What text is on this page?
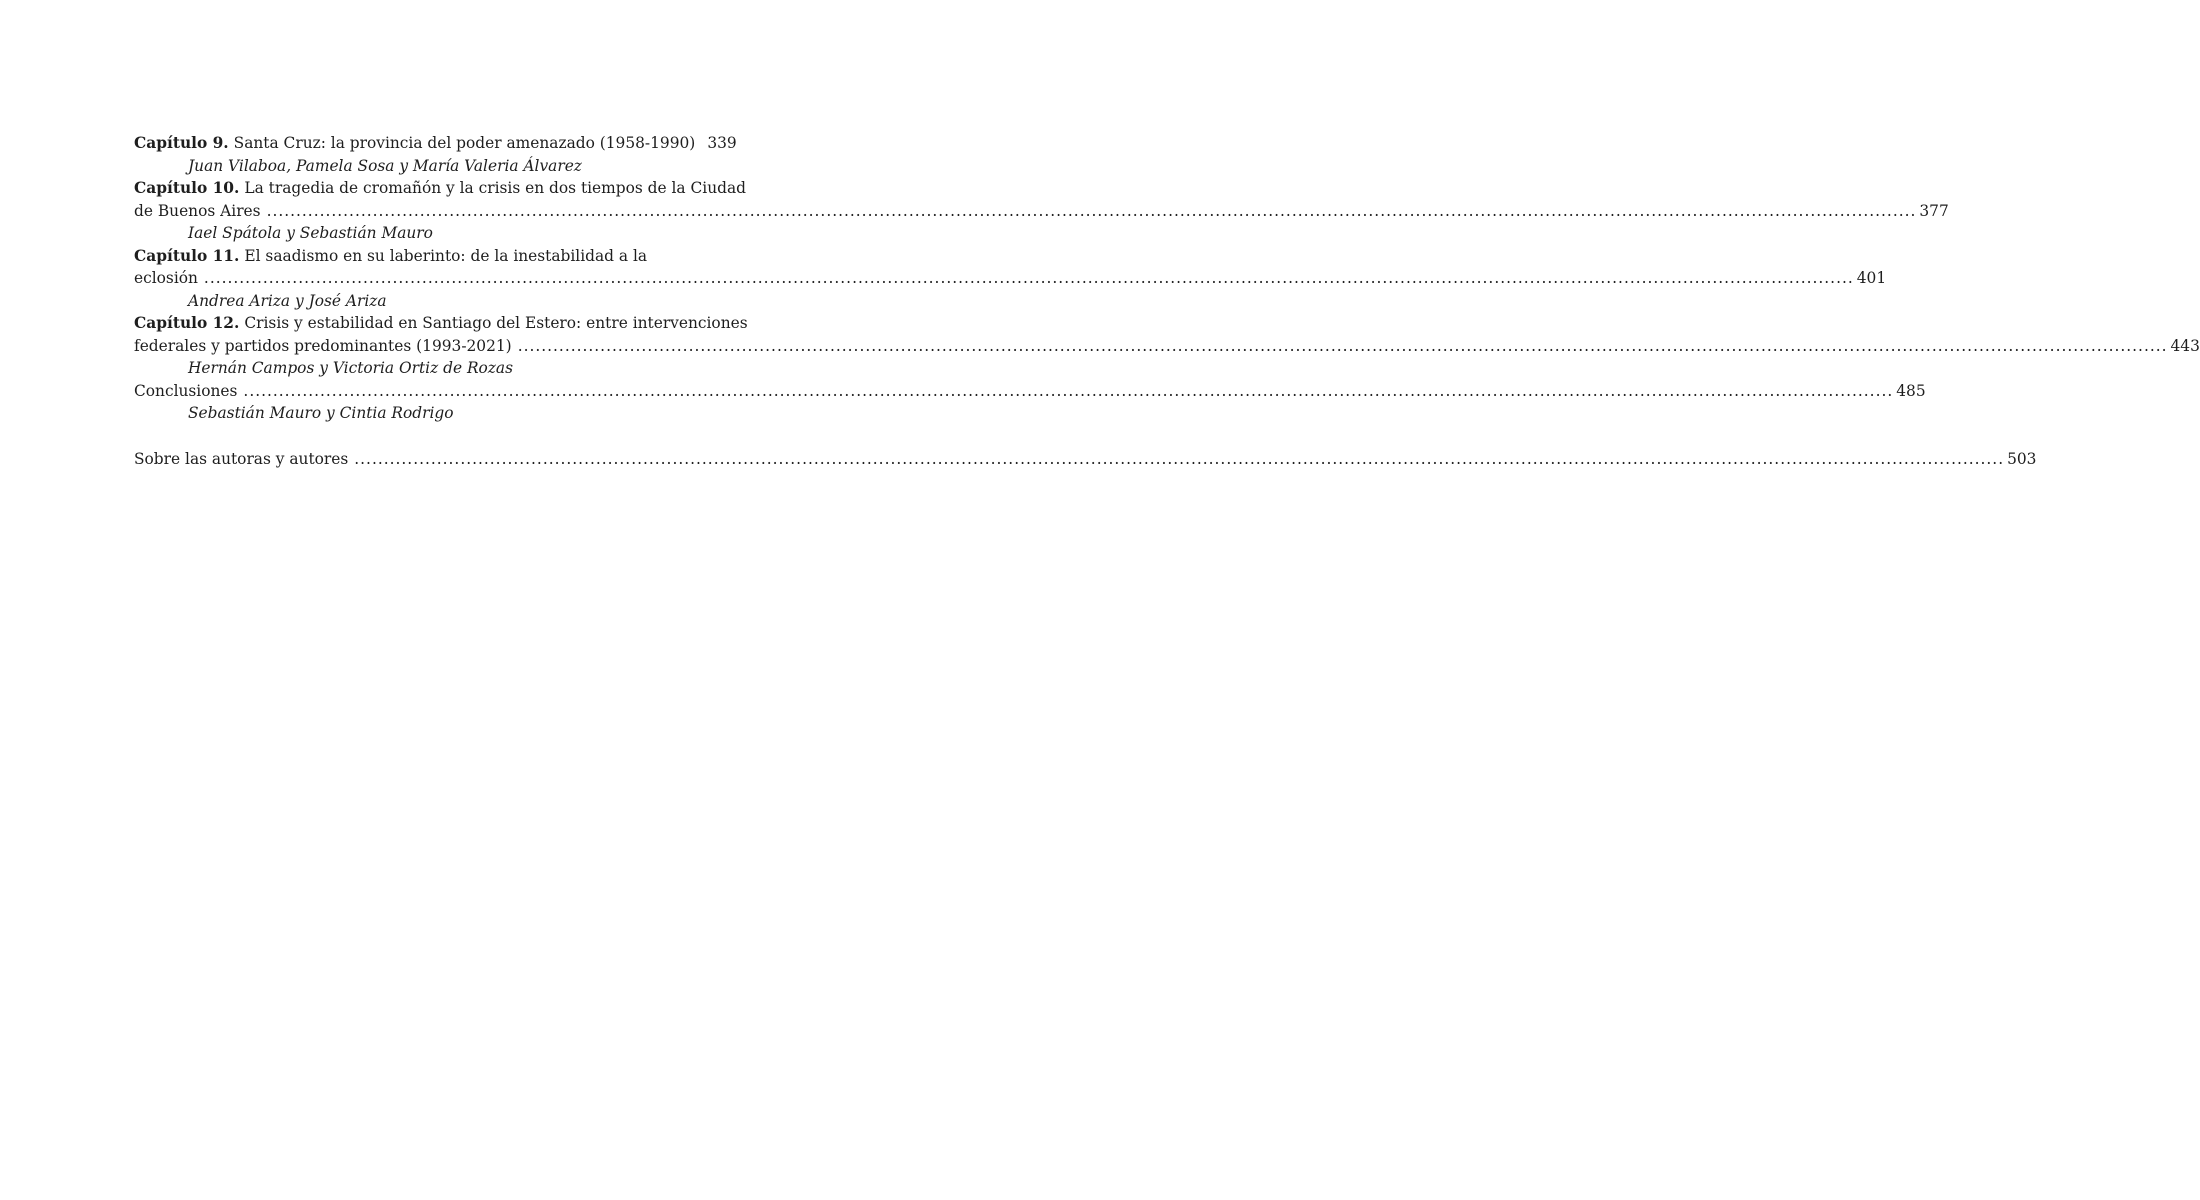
Capítulo 9. Santa Cruz: la provincia del poder amenazado (1958-1990) 339
Juan Vilaboa, Pamela Sosa y María Valeria Álvarez
Capítulo 10. La tragedia de cromañón y la crisis en dos tiempos de la Ciudad
de Buenos Aires .....	377
Iael Spátola y Sebastián Mauro
Capítulo 11. El saadismo en su laberinto: de la inestabilidad a la
eclosión .....	401
Andrea Ariza y José Ariza
Capítulo 12. Crisis y estabilidad en Santiago del Estero: entre intervenciones
federales y partidos predominantes (1993-2021) .....	443
Hernán Campos y Victoria Ortiz de Rozas
Conclusiones .....	485
Sebastián Mauro y Cintia Rodrigo
Sobre las autoras y autores .....	503
